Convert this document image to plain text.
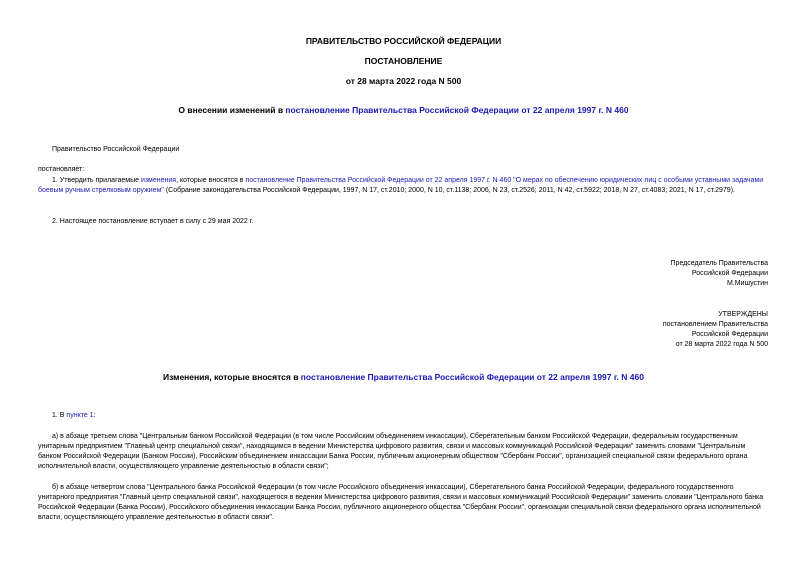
ПРАВИТЕЛЬСТВО РОССИЙСКОЙ ФЕДЕРАЦИИ
ПОСТАНОВЛЕНИЕ
от 28 марта 2022 года N 500
О внесении изменений в постановление Правительства Российской Федерации от 22 апреля 1997 г. N 460
Правительство Российской Федерации
постановляет:
1. Утвердить прилагаемые изменения, которые вносятся в постановление Правительства Российской Федерации от 22 апреля 1997 г. N 460 "О мерах по обеспечению юридических лиц с особыми уставными задачами боевым ручным стрелковым оружием" (Собрание законодательства Российской Федерации, 1997, N 17, ст.2010; 2000, N 10, ст.1138; 2006, N 23, ст.2526; 2011, N 42, ст.5922; 2018, N 27, ст.4083; 2021, N 17, ст.2979).
2. Настоящее постановление вступает в силу с 29 мая 2022 г.
Председатель Правительства
Российской Федерации
М.Мишустин
УТВЕРЖДЕНЫ
постановлением Правительства
Российской Федерации
от 28 марта 2022 года N 500
Изменения, которые вносятся в постановление Правительства Российской Федерации от 22 апреля 1997 г. N 460
1. В пункте 1:
а) в абзаце третьем слова "Центральным банком Российской Федерации (в том числе Российским объединением инкассации), Сберегательным банком Российской Федерации, федеральным государственным унитарным предприятием "Главный центр специальной связи", находящимся в ведении Министерства цифрового развития, связи и массовых коммуникаций Российской Федерации" заменить словами "Центральным банком Российской Федерации (Банком России), Российским объединением инкассации Банка России, публичным акционерным обществом "Сбербанк России", организацией специальной связи федерального органа исполнительной власти, осуществляющего управление деятельностью в области связи";
б) в абзаце четвертом слова "Центрального банка Российской Федерации (в том числе Российского объединения инкассации), Сберегательного банка Российской Федерации, федерального государственного унитарного предприятия "Главный центр специальной связи", находящегося в ведении Министерства цифрового развития, связи и массовых коммуникаций Российской Федерации" заменить словами "Центрального банка Российской Федерации (Банка России), Российского объединения инкассации Банка России, публичного акционерного общества "Сбербанк России", организации специальной связи федерального органа исполнительной власти, осуществляющего управление деятельностью в области связи".
